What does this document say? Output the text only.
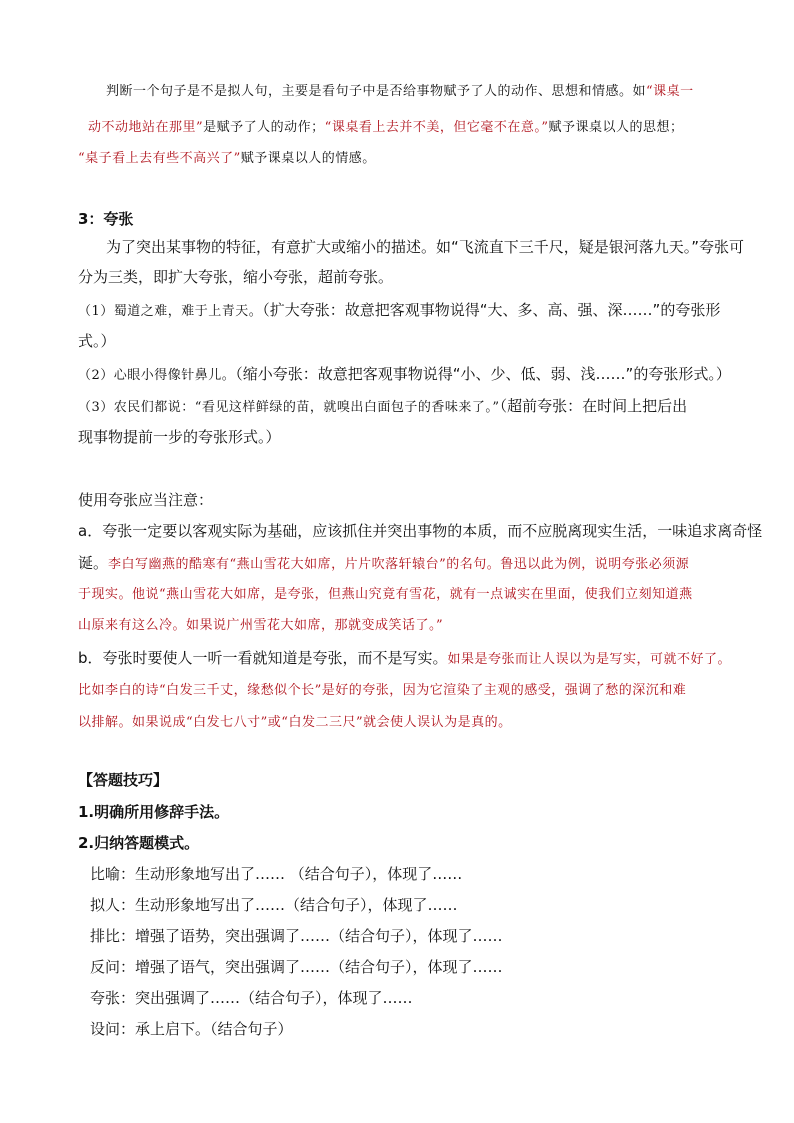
判断一个句子是不是拟人句，主要是看句子中是否给事物赋予了人的动作、思想和情感。如“课桌一
动不动地站在那里”是赋予了人的动作；“课桌看上去并不美，但它毫不在意。”赋予课桌以人的思想；
“桌子看上去有些不高兴了”赋予课桌以人的情感。
3：夸张
为了突出某事物的特征，有意扩大或缩小的描述。如“飞流直下三千尺，疑是银河落九天。”夸张可
分为三类，即扩大夸张，缩小夸张，超前夸张。
（1）蜀道之难，难于上青天。（扩大夸张：故意把客观事物说得“大、多、高、强、深……”的夸张形
式。）
（2）心眼小得像针鼻儿。（缩小夸张：故意把客观事物说得“小、少、低、弱、浅……”的夸张形式。）
（3）农民们都说：“看见这样鲜绿的苗，就嗅出白面包子的香味来了。”（超前夸张：在时间上把后出
现事物提前一步的夸张形式。）
使用夸张应当注意：
a．夸张一定要以客观实际为基础，应该抓住并突出事物的本质，而不应脱离现实生活，一味追求离奇怪
诞。李白写幽燕的酷寒有“燕山雪花大如席，片片吹落轩辕台”的名句。鲁迅以此为例，说明夸张必须源
于现实。他说“燕山雪花大如席，是夸张，但燕山究竟有雪花，就有一点诚实在里面，使我们立刻知道燕
山原来有这么冷。如果说广州雪花大如席，那就变成笑话了。”
b．夸张时要使人一听一看就知道是夸张，而不是写实。如果是夸张而让人误以为是写实，可就不好了。
比如李白的诗“白发三千丈，缘愁似个长”是好的夸张，因为它渲染了主观的感受，强调了愁的深沉和难
以排解。如果说成“白发七八寸”或“白发二三尺”就会使人误认为是真的。
【答题技巧】
1.明确所用修辞手法。
2.归纳答题模式。
比喻：生动形象地写出了…… （结合句子），体现了……
拟人：生动形象地写出了……（结合句子），体现了……
排比：增强了语势，突出强调了……（结合句子），体现了……
反问：增强了语气，突出强调了……（结合句子），体现了……
夸张：突出强调了……（结合句子），体现了……
设问：承上启下。（结合句子）
